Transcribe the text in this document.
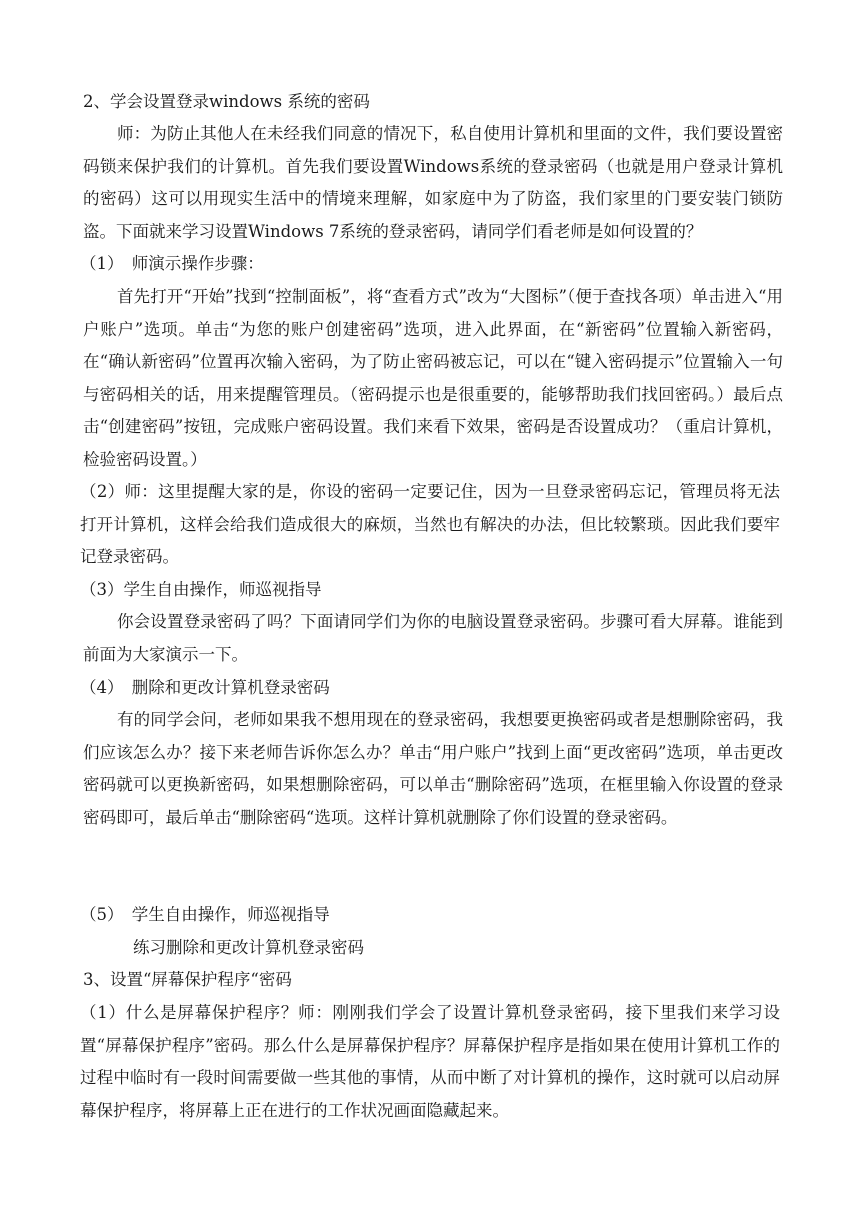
2、学会设置登录windows 系统的密码

师：为防止其他人在未经我们同意的情况下，私自使用计算机和里面的文件，我们要设置密码锁来保护我们的计算机。首先我们要设置Windows系统的登录密码（也就是用户登录计算机的密码）这可以用现实生活中的情境来理解，如家庭中为了防盗，我们家里的门要安装门锁防盗。下面就来学习设置Windows 7系统的登录密码，请同学们看老师是如何设置的？

（1）　师演示操作步骤：

首先打开“开始”找到“控制面板”，将“查看方式”改为“大图标”（便于查找各项）单击进入“用户账户”选项。单击“为您的账户创建密码”选项，进入此界面，在“新密码”位置输入新密码，在“确认新密码”位置再次输入密码，为了防止密码被忘记，可以在“键入密码提示”位置输入一句与密码相关的话，用来提醒管理员。（密码提示也是很重要的，能够帮助我们找回密码。）最后点击“创建密码”按钮，完成账户密码设置。我们来看下效果，密码是否设置成功？（重启计算机，检验密码设置。）

（2）师：这里提醒大家的是，你设的密码一定要记住，因为一旦登录密码忘记，管理员将无法打开计算机，这样会给我们造成很大的麻烦，当然也有解决的办法，但比较繁琐。因此我们要牢记登录密码。

（3）学生自由操作，师巡视指导

你会设置登录密码了吗？下面请同学们为你的电脑设置登录密码。步骤可看大屏幕。谁能到前面为大家演示一下。

（4）　删除和更改计算机登录密码

有的同学会问，老师如果我不想用现在的登录密码，我想要更换密码或者是想删除密码，我们应该怎么办？接下来老师告诉你怎么办？单击“用户账户”找到上面“更改密码”选项，单击更改密码就可以更换新密码，如果想删除密码，可以单击“删除密码”选项，在框里输入你设置的登录密码即可，最后单击“删除密码“选项。这样计算机就删除了你们设置的登录密码。

（5）　学生自由操作，师巡视指导

练习删除和更改计算机登录密码

3、设置“屏幕保护程序“密码

（1）什么是屏幕保护程序？师：刚刚我们学会了设置计算机登录密码，接下里我们来学习设置“屏幕保护程序”密码。那么什么是屏幕保护程序？屏幕保护程序是指如果在使用计算机工作的过程中临时有一段时间需要做一些其他的事情，从而中断了对计算机的操作，这时就可以启动屏幕保护程序，将屏幕上正在进行的工作状况画面隐藏起来。
